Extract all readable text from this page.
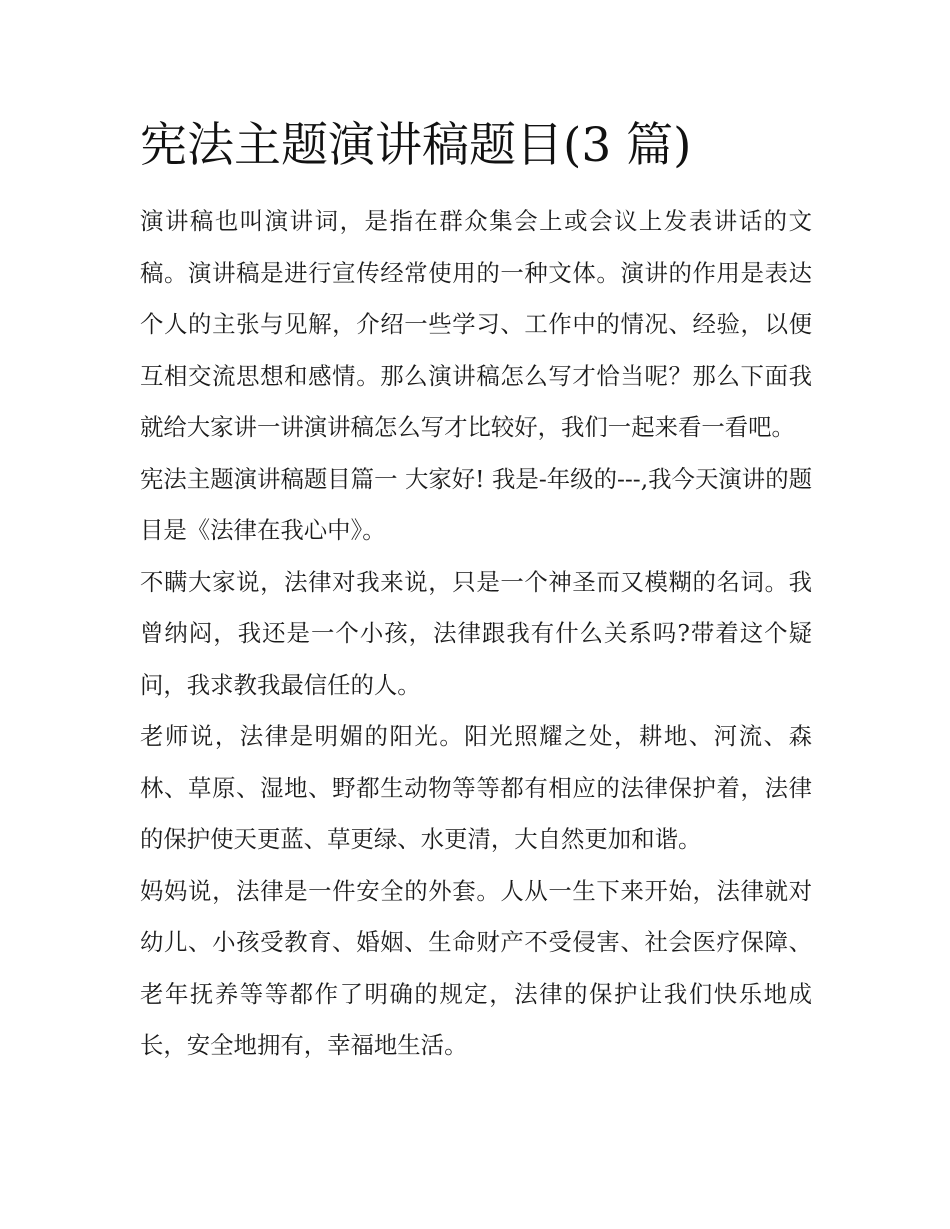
宪法主题演讲稿题目(3 篇)

演讲稿也叫演讲词，是指在群众集会上或会议上发表讲话的文稿。演讲稿是进行宣传经常使用的一种文体。演讲的作用是表达个人的主张与见解，介绍一些学习、工作中的情况、经验，以便互相交流思想和感情。那么演讲稿怎么写才恰当呢？那么下面我就给大家讲一讲演讲稿怎么写才比较好，我们一起来看一看吧。

宪法主题演讲稿题目篇一 大家好! 我是-年级的---,我今天演讲的题目是《法律在我心中》。

不瞒大家说，法律对我来说，只是一个神圣而又模糊的名词。我曾纳闷，我还是一个小孩，法律跟我有什么关系吗?带着这个疑问，我求教我最信任的人。

老师说，法律是明媚的阳光。阳光照耀之处，耕地、河流、森林、草原、湿地、野都生动物等等都有相应的法律保护着，法律的保护使天更蓝、草更绿、水更清，大自然更加和谐。

妈妈说，法律是一件安全的外套。人从一生下来开始，法律就对幼儿、小孩受教育、婚姻、生命财产不受侵害、社会医疗保障、老年抚养等等都作了明确的规定，法律的保护让我们快乐地成长，安全地拥有，幸福地生活。
